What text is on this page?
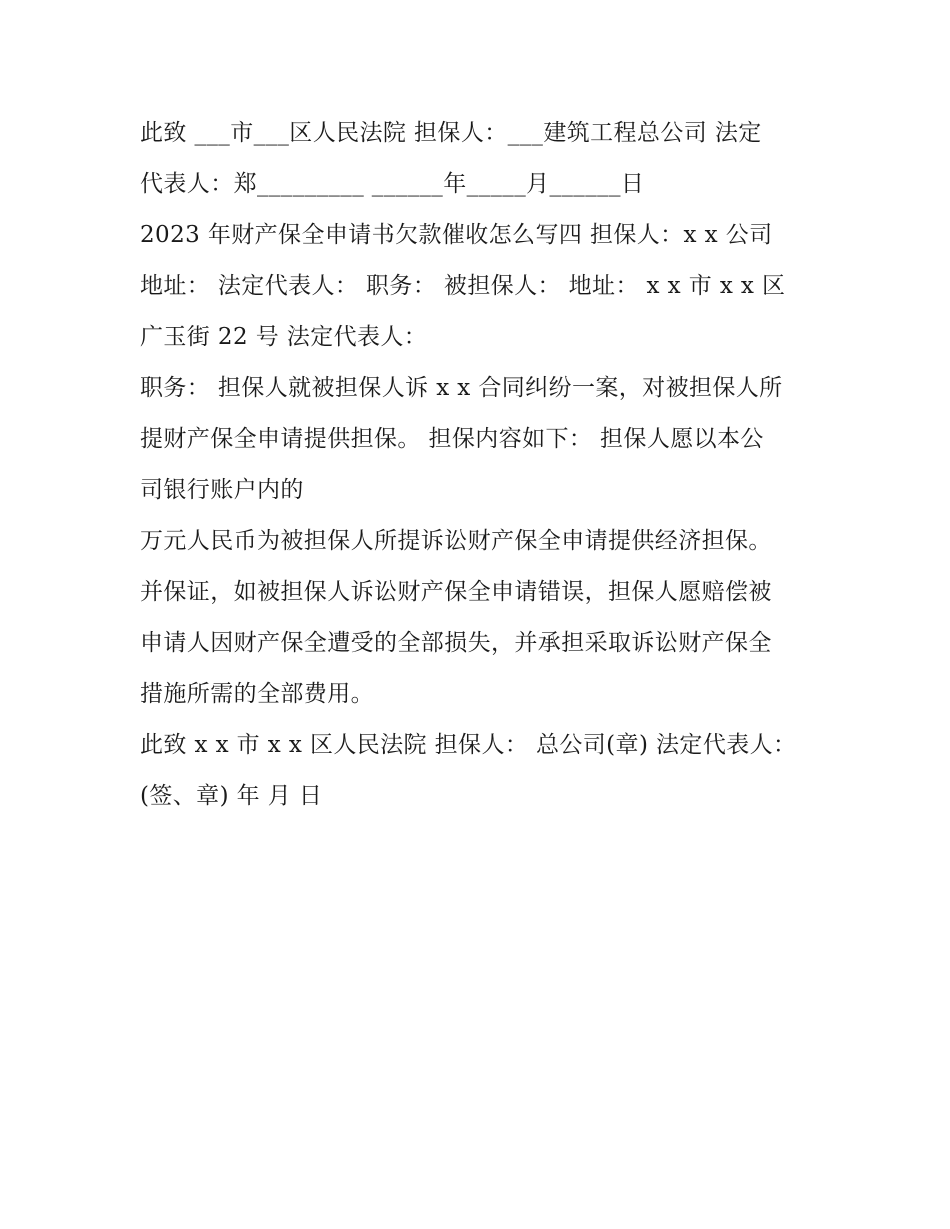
此致 ___市___区人民法院 担保人：___建筑工程总公司 法定
代表人：郑_________ ______年_____月______日
2023 年财产保全申请书欠款催收怎么写四 担保人：x x 公司
地址： 法定代表人： 职务： 被担保人： 地址： x x 市 x x 区
广玉街 22 号 法定代表人：
职务： 担保人就被担保人诉 x x 合同纠纷一案，对被担保人所
提财产保全申请提供担保。 担保内容如下： 担保人愿以本公
司银行账户内的
万元人民币为被担保人所提诉讼财产保全申请提供经济担保。
并保证，如被担保人诉讼财产保全申请错误，担保人愿赔偿被
申请人因财产保全遭受的全部损失，并承担采取诉讼财产保全
措施所需的全部费用。
此致 x x 市 x x 区人民法院 担保人： 总公司(章) 法定代表人：
(签、章) 年 月 日
